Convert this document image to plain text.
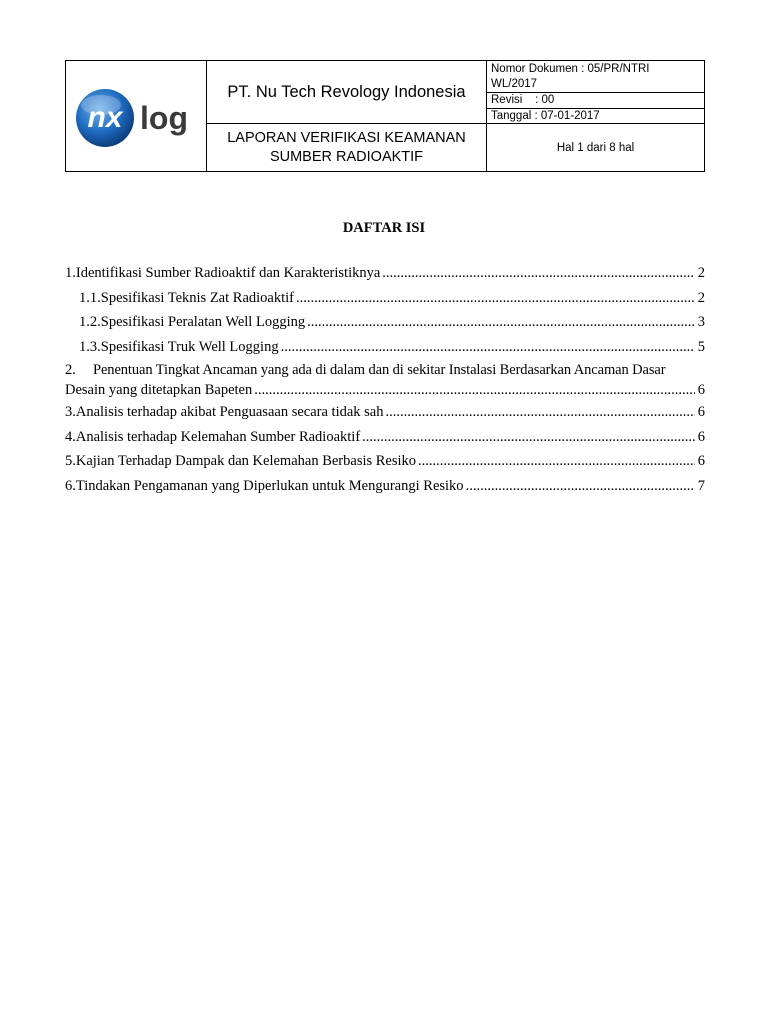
nx log
PT. Nu Tech Revology Indonesia
LAPORAN VERIFIKASI KEAMANAN
SUMBER RADIOAKTIF
Nomor Dokumen : 05/PR/NTRI
WL/2017
Revisi    : 00
Tanggal : 07-01-2017
Hal 1 dari 8 hal
DAFTAR ISI
1. Identifikasi Sumber Radioaktif dan Karakteristiknya .....	2
1.1. Spesifikasi Teknis Zat Radioaktif .....	2
1.2. Spesifikasi Peralatan Well Logging .....	3
1.3. Spesifikasi Truk Well Logging .....	5
2.	Penentuan Tingkat Ancaman yang ada di dalam dan di sekitar Instalasi Berdasarkan Ancaman Dasar
Desain yang ditetapkan Bapeten .....	6
3. Analisis terhadap akibat Penguasaan secara tidak sah .....	6
4. Analisis terhadap Kelemahan Sumber Radioaktif .....	6
5. Kajian Terhadap Dampak dan Kelemahan Berbasis Resiko .....	6
6. Tindakan Pengamanan yang Diperlukan untuk Mengurangi Resiko .....	7
